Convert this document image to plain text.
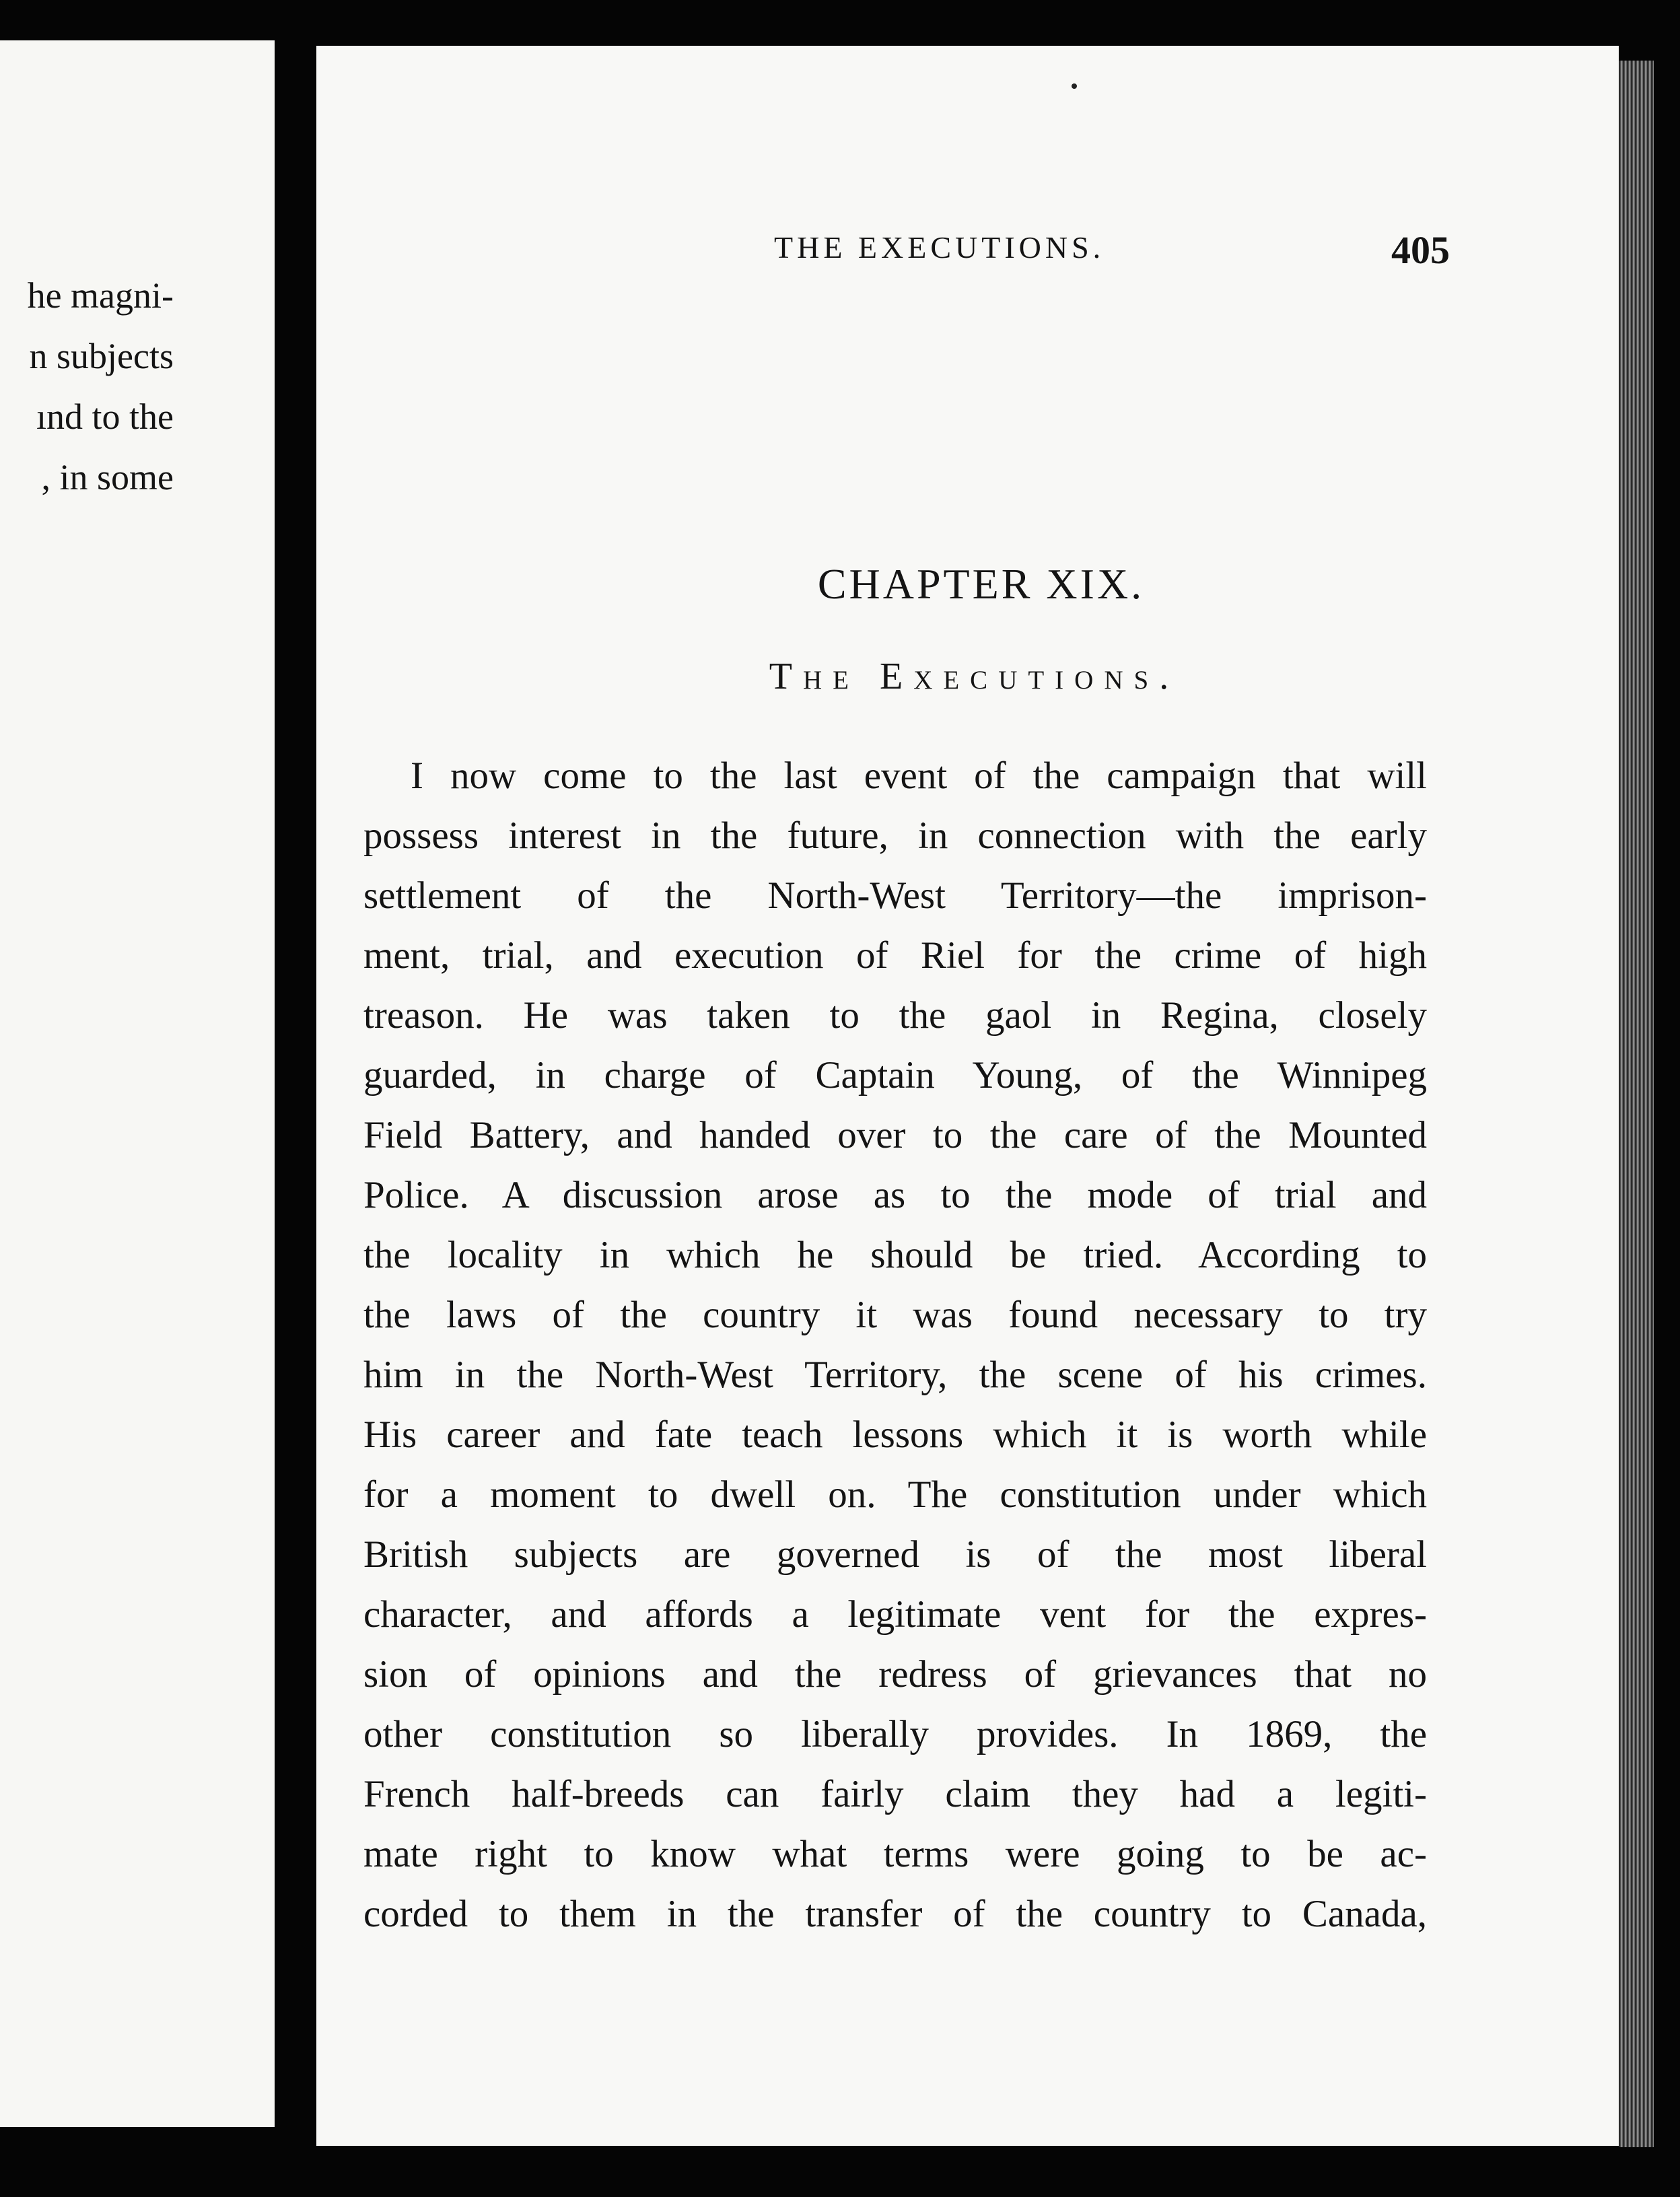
he magni-
n subjects
ınd to the
, in some
THE EXECUTIONS.	405
CHAPTER XIX.
The Executions.
I now come to the last event of the campaign that will
possess interest in the future, in connection with the early
settlement of the North-West Territory—the imprison-
ment, trial, and execution of Riel for the crime of high
treason. He was taken to the gaol in Regina, closely
guarded, in charge of Captain Young, of the Winnipeg
Field Battery, and handed over to the care of the Mounted
Police. A discussion arose as to the mode of trial and
the locality in which he should be tried. According to
the laws of the country it was found necessary to try
him in the North-West Territory, the scene of his crimes.
His career and fate teach lessons which it is worth while
for a moment to dwell on. The constitution under which
British subjects are governed is of the most liberal
character, and affords a legitimate vent for the expres-
sion of opinions and the redress of grievances that no
other constitution so liberally provides. In 1869, the
French half-breeds can fairly claim they had a legiti-
mate right to know what terms were going to be ac-
corded to them in the transfer of the country to Canada,
